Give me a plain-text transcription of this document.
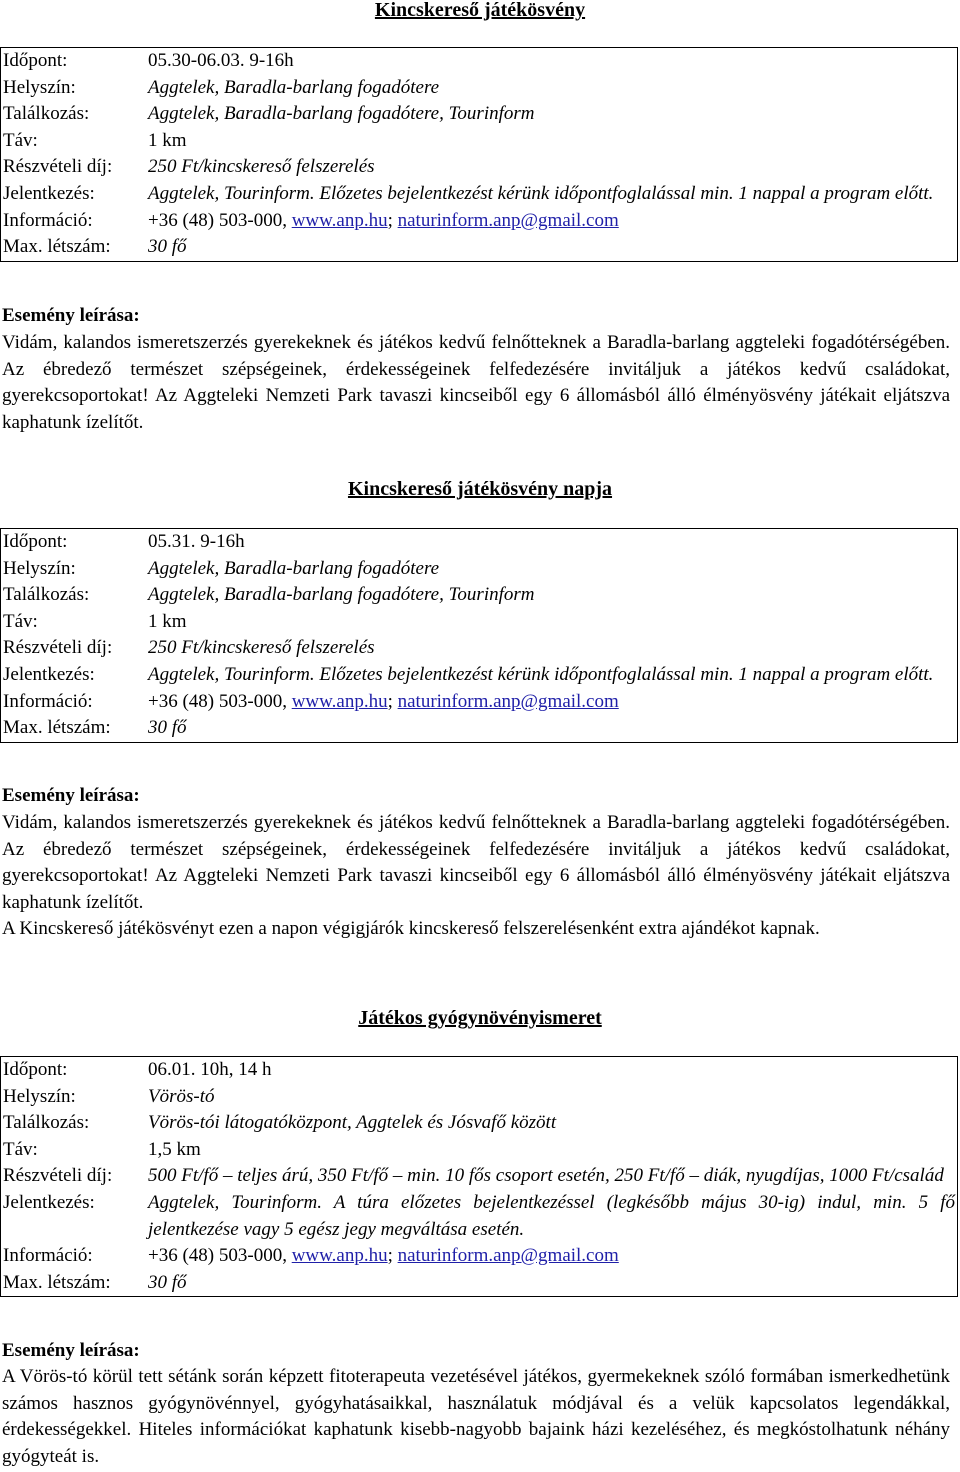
Kincskereső játékösvény
Időpont:	05.30-06.03. 9-16h
Helyszín:	Aggtelek, Baradla-barlang fogadótere
Találkozás:	Aggtelek, Baradla-barlang fogadótere, Tourinform
Táv:	1 km
Részvételi díj:	250 Ft/kincskereső felszerelés
Jelentkezés:	Aggtelek, Tourinform. Előzetes bejelentkezést kérünk időpontfoglalással min. 1 nappal a program előtt.
Információ:	+36 (48) 503-000, www.anp.hu; naturinform.anp@gmail.com
Max. létszám:	30 fő
Esemény leírása:

Vidám, kalandos ismeretszerzés gyerekeknek és játékos kedvű felnőtteknek a Baradla-barlang aggteleki fogadótérségében. Az ébredező természet szépségeinek, érdekességeinek felfedezésére invitáljuk a játékos kedvű családokat, gyerekcsoportokat! Az Aggteleki Nemzeti Park tavaszi kincseiből egy 6 állomásból álló élményösvény játékait eljátszva kaphatunk ízelítőt.

Kincskereső játékösvény napja
Időpont:	05.31. 9-16h
Helyszín:	Aggtelek, Baradla-barlang fogadótere
Találkozás:	Aggtelek, Baradla-barlang fogadótere, Tourinform
Táv:	1 km
Részvételi díj:	250 Ft/kincskereső felszerelés
Jelentkezés:	Aggtelek, Tourinform. Előzetes bejelentkezést kérünk időpontfoglalással min. 1 nappal a program előtt.
Információ:	+36 (48) 503-000, www.anp.hu; naturinform.anp@gmail.com
Max. létszám:	30 fő
Esemény leírása:

Vidám, kalandos ismeretszerzés gyerekeknek és játékos kedvű felnőtteknek a Baradla-barlang aggteleki fogadótérségében. Az ébredező természet szépségeinek, érdekességeinek felfedezésére invitáljuk a játékos kedvű családokat, gyerekcsoportokat! Az Aggteleki Nemzeti Park tavaszi kincseiből egy 6 állomásból álló élményösvény játékait eljátszva kaphatunk ízelítőt.

A Kincskereső játékösvényt ezen a napon végigjárók kincskereső felszerelésenként extra ajándékot kapnak.

Játékos gyógynövényismeret
Időpont:	06.01. 10h, 14 h
Helyszín:	Vörös-tó
Találkozás:	Vörös-tói látogatóközpont, Aggtelek és Jósvafő között
Táv:	1,5 km
Részvételi díj:	500 Ft/fő – teljes árú, 350 Ft/fő – min. 10 fős csoport esetén, 250 Ft/fő – diák, nyugdíjas, 1000 Ft/család
Jelentkezés:	Aggtelek, Tourinform. A túra előzetes bejelentkezéssel (legkésőbb május 30-ig) indul, min. 5 fő jelentkezése vagy 5 egész jegy megváltása esetén.
Információ:	+36 (48) 503-000, www.anp.hu; naturinform.anp@gmail.com
Max. létszám:	30 fő
Esemény leírása:

A Vörös-tó körül tett sétánk során képzett fitoterapeuta vezetésével játékos, gyermekeknek szóló formában ismerkedhetünk számos hasznos gyógynövénnyel, gyógyhatásaikkal, használatuk módjával és a velük kapcsolatos legendákkal, érdekességekkel. Hiteles információkat kaphatunk kisebb-nagyobb bajaink házi kezeléséhez, és megkóstolhatunk néhány gyógyteát is.
